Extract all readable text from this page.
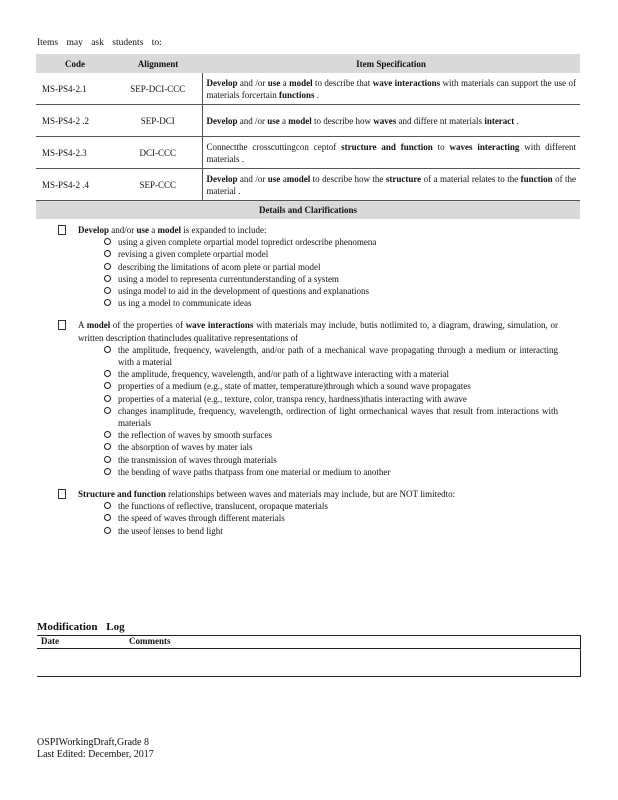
Items may ask students to:
Code	Alignment	Item Specification
MS-PS4-2.1	SEP-DCI-CCC	Develop and /or use a model to describe that wave interactions with materials can support the use of materials forcertain functions .
MS-PS4-2 .2	SEP-DCI	Develop and /or use a model to describe how waves and differe nt materials interact .
MS-PS4-2.3	DCI-CCC	Connectthe crosscuttingcon ceptof structure and function to waves interacting with different materials .
MS-PS4-2 .4	SEP-CCC	Develop and /or use amodel to describe how the structure of a material relates to the function of the material .
Details and Clarifications		
Develop and/or use a model is expanded to include:
using a given complete orpartial model topredict ordescribe phenomena
revising a given complete orpartial model
describing the limitations of acom plete or partial model
using a model to representa currentunderstanding of a system
usinga model to aid in the development of questions and explanations
us ing a model to communicate ideas
A model of the properties of wave interactions with materials may include, butis notlimited to, a diagram, drawing, simulation, or written description thatincludes qualitative representations of
the amplitude, frequency, wavelength, and/or path of a mechanical wave propagating through a medium or interacting with a material
the amplitude, frequency, wavelength, and/or path of a lightwave interacting with a material
properties of a medium (e.g., state of matter, temperature)through which a sound wave propagates
properties of a material (e.g., texture, color, transpa rency, hardness)thatis interacting with awave
changes inamplitude, frequency, wavelength, ordirection of light ormechanical waves that result from interactions with materials
the reflection of waves by smooth surfaces
the absorption of waves by mater ials
the transmission of waves through materials
the bending of wave paths thatpass from one material or medium to another
Structure and function relationships between waves and materials may include, but are NOT limitedto:
the functions of reflective, translucent, oropaque materials
the speed of waves through different materials
the useof lenses to bend light
Modification Log
Date	Comments
OSPIWorkingDraft,Grade 8
Last Edited: December, 2017
